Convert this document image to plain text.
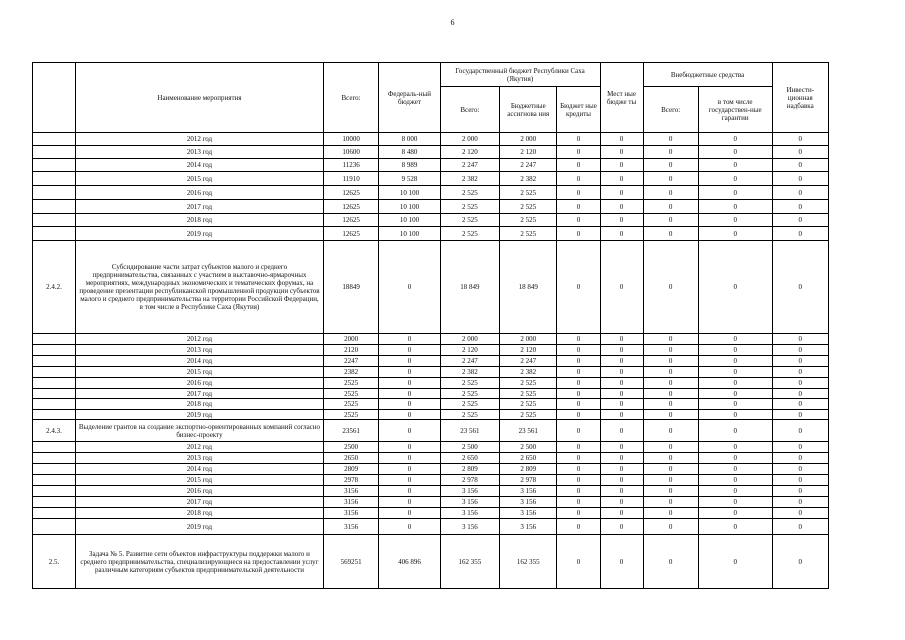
6
	Наименование мероприятия	Всего:	Федераль-ный бюджет	Государственный бюджет Республики Саха (Якутия)			Мест ные бюдже ты	Внебюджетные средства		Инвести-ционная надбавка
				Всего:	Бюджетные ассигнова ния	Бюджет ные кредиты		Всего:	в том числе государствен-ные гарантии	
	2012 год	10000	8 000	2 000	2 000	0	0	0	0	0
	2013 год	10600	8 480	2 120	2 120	0	0	0	0	0
	2014 год	11236	8 989	2 247	2 247	0	0	0	0	0
	2015 год	11910	9 528	2 382	2 382	0	0	0	0	0
	2016 год	12625	10 100	2 525	2 525	0	0	0	0	0
	2017 год	12625	10 100	2 525	2 525	0	0	0	0	0
	2018 год	12625	10 100	2 525	2 525	0	0	0	0	0
	2019 год	12625	10 100	2 525	2 525	0	0	0	0	0
2.4.2.	Субсидирование части затрат субъектов малого и среднего предпринимательства, связанных с участием в выставочно-ярмарочных мероприятиях, международных экономических и тематических форумах, на проведение презентации республиканской промышленной продукции субъектов малого и среднего предпринимательства на территории Российской Федерации, в том числе в Республике Саха (Якутия)	18849	0	18 849	18 849	0	0	0	0	0
	2012 год	2000	0	2 000	2 000	0	0	0	0	0
	2013 год	2120	0	2 120	2 120	0	0	0	0	0
	2014 год	2247	0	2 247	2 247	0	0	0	0	0
	2015 год	2382	0	2 382	2 382	0	0	0	0	0
	2016 год	2525	0	2 525	2 525	0	0	0	0	0
	2017 год	2525	0	2 525	2 525	0	0	0	0	0
	2018 год	2525	0	2 525	2 525	0	0	0	0	0
	2019 год	2525	0	2 525	2 525	0	0	0	0	0
2.4.3.	Выделение грантов на создание экспортно-ориентированных компаний согласно бизнес-проекту	23561	0	23 561	23 561	0	0	0	0	0
	2012 год	2500	0	2 500	2 500	0	0	0	0	0
	2013 год	2650	0	2 650	2 650	0	0	0	0	0
	2014 год	2809	0	2 809	2 809	0	0	0	0	0
	2015 год	2978	0	2 978	2 978	0	0	0	0	0
	2016 год	3156	0	3 156	3 156	0	0	0	0	0
	2017 год	3156	0	3 156	3 156	0	0	0	0	0
	2018 год	3156	0	3 156	3 156	0	0	0	0	0
	2019 год	3156	0	3 156	3 156	0	0	0	0	0
2.5.	Задача № 5. Развитие сети объектов инфраструктуры поддержки малого и среднего предпринимательства, специализирующиеся на предоставлении услуг различным категориям субъектов предпринимательской деятельности	569251	406 896	162 355	162 355	0	0	0	0	0
